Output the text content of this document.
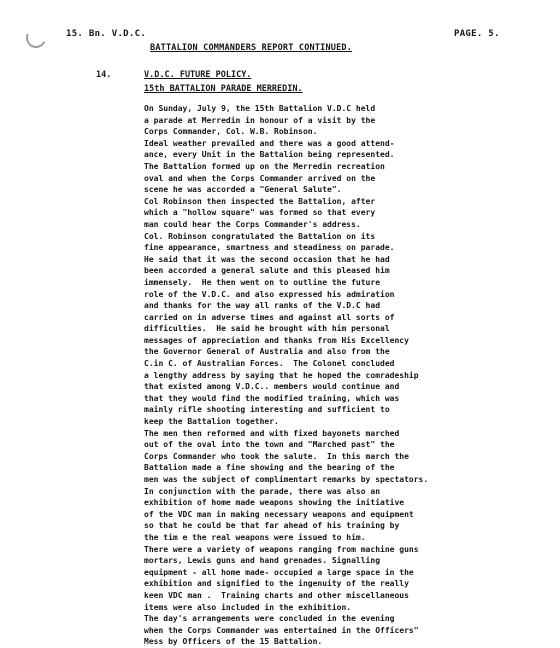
15. Bn. V.D.C.	PAGE. 5.
BATTALION COMMANDERS REPORT CONTINUED.
14.	V.D.C. FUTURE POLICY.
15th BATTALION PARADE MERREDIN.
On Sunday, July 9, the 15th Battalion V.D.C held
a parade at Merredin in honour of a visit by the
Corps Commander, Col. W.B. Robinson.
Ideal weather prevailed and there was a good attend-
ance, every Unit in the Battalion being represented.
The Battalion formed up on the Merredin recreation
oval and when the Corps Commander arrived on the
scene he was accorded a "General Salute".
Col Robinson then inspected the Battalion, after
which a "hollow square" was formed so that every
man could hear the Corps Commander's address.
Col. Robinson congratulated the Battalion on its
fine appearance, smartness and steadiness on parade.
He said that it was the second occasion that he had
been accorded a general salute and this pleased him
immensely.  He then went on to outline the future
role of the V.D.C. and also expressed his admiration
and thanks for the way all ranks of the V.D.C had
carried on in adverse times and against all sorts of
difficulties.  He said he brought with him personal
messages of appreciation and thanks from His Excellency
the Governor General of Australia and also from the
C.in C. of Australian Forces.  The Colonel concluded
a lengthy address by saying that he hoped the comradeship
that existed among V.D.C.. members would continue and
that they would find the modified training, which was
mainly rifle shooting interesting and sufficient to
keep the Battalion together.
The men then reformed and with fixed bayonets marched
out of the oval into the town and "Marched past" the
Corps Commander who took the salute.  In this march the
Battalion made a fine showing and the bearing of the
men was the subject of complimentart remarks by spectators.
In conjunction with the parade, there was also an
exhibition of home made weapons showing the initiative
of the VDC man in making necessary weapons and equipment
so that he could be that far ahead of his training by
the tim e the real weapons were issued to him.
There were a variety of weapons ranging from machine guns
mortars, Lewis guns and hand grenades. Signalling
equipment - all home made- occupied a large space in the
exhibition and signified to the ingenuity of the really
keen VDC man .  Training charts and other miscellaneous
items were also included in the exhibition.
The day's arrangements were concluded in the evening
when the Corps Commander was entertained in the Officers"
Mess by Officers of the 15 Battalion.
